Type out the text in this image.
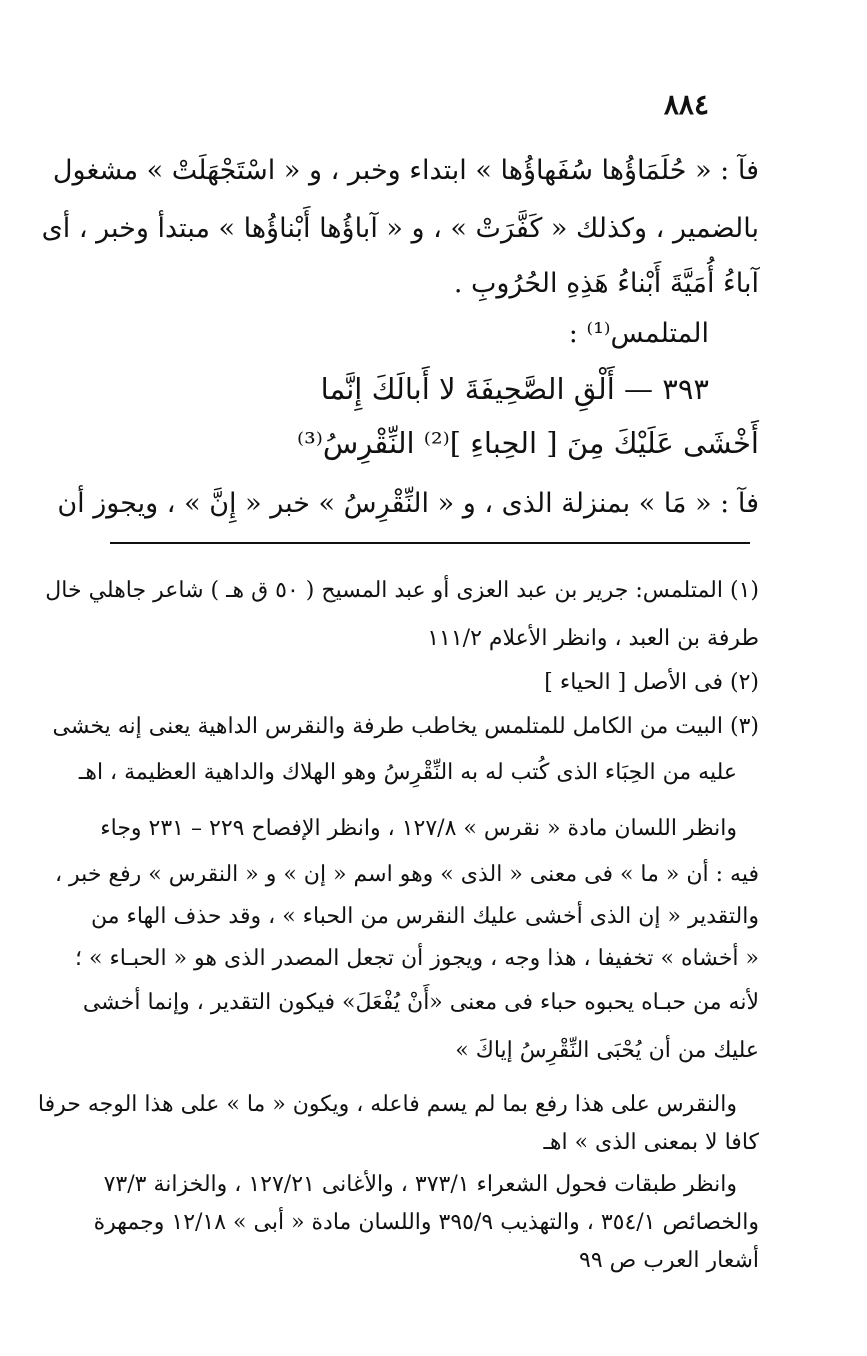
٨٨٤
فآ : « حُلَمَاؤُها سُفَهاؤُها » ابتداء وخبر ، و « اسْتَجْهَلَتْ » مشغول
بالضمير ، وكذلك « كَفَّرَتْ » ، و « آباؤُها أَبْناؤُها » مبتدأ وخبر ، أى
آباءُ أُمَيَّةَ أَبْناءُ هَذِهِ الحُرُوبِ .
المتلمس⁽¹⁾ :
٣٩٣ — أَلْقِ الصَّحِيفَةَ لا أَبالَكَ إِنَّما
أَخْشَى عَلَيْكَ مِنَ [ الحِباءِ ]⁽²⁾ النِّقْرِسُ⁽³⁾
فآ : « مَا » بمنزلة الذى ، و « النِّقْرِسُ » خبر « إِنَّ » ، ويجوز أن
(١) المتلمس: جرير بن عبد العزى أو عبد المسيح ( ٥٠ ق هـ ) شاعر جاهلي خال
طرفة بن العبد ، وانظر الأعلام ١١١/٢
(٢) فى الأصل [ الحياء ]
(٣) البيت من الكامل للمتلمس يخاطب طرفة والنقرس الداهية يعنى إنه يخشى
عليه من الحِبَاء الذى كُتب له به النِّقْرِسُ وهو الهلاك والداهية العظيمة ، اهـ
وانظر اللسان مادة « نقرس » ١٢٧/٨ ، وانظر الإفصاح ٢٢٩ – ٢٣١ وجاء
فيه : أن « ما » فى معنى « الذى » وهو اسم « إن » و « النقرس » رفع خبر ،
والتقدير « إن الذى أخشى عليك النقرس من الحباء » ، وقد حذف الهاء من
« أخشاه » تخفيفا ، هذا وجه ، ويجوز أن تجعل المصدر الذى هو « الحبـاء » ؛
لأنه من حبـاه يحبوه حباء فى معنى «أَنْ يُفْعَلَ» فيكون التقدير ، وإنما أخشى
عليك من أن يُحْبَى النِّقْرِسُ إياكَ »
والنقرس على هذا رفع بما لم يسم فاعله ، ويكون « ما » على هذا الوجه حرفا
كافا لا بمعنى الذى » اهـ
وانظر طبقات فحول الشعراء ٣٧٣/١ ، والأغانى ١٢٧/٢١ ، والخزانة ٧٣/٣
والخصائص ٣٥٤/١ ، والتهذيب ٣٩٥/٩ واللسان مادة « أبى » ١٢/١٨ وجمهرة
أشعار العرب ص ٩٩
